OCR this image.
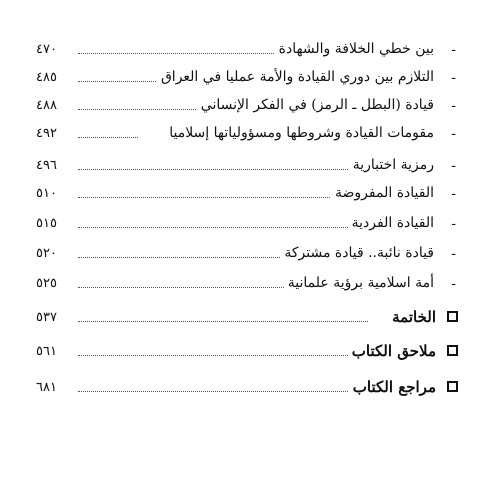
-
بين خطي الخلافة والشهادة
٤٧٠
-
التلازم بين دوري القيادة والأمة عمليا في العراق
٤٨٥
-
قيادة (البطل ـ الرمز) في الفكر الإنساني
٤٨٨
-
مقومات القيادة وشروطها ومسؤولياتها إسلاميا
٤٩٢
-
رمزية اختبارية
٤٩٦
-
القيادة المفروضة
٥١٠
-
القيادة الفردية
٥١٥
-
قيادة نائبة.. قيادة مشتركة
٥٢٠
-
أمة اسلامية برؤية علمانية
٥٢٥
الخاتمة
٥٣٧
ملاحق الكتاب
٥٦١
مراجع الكتاب
٦٨١
